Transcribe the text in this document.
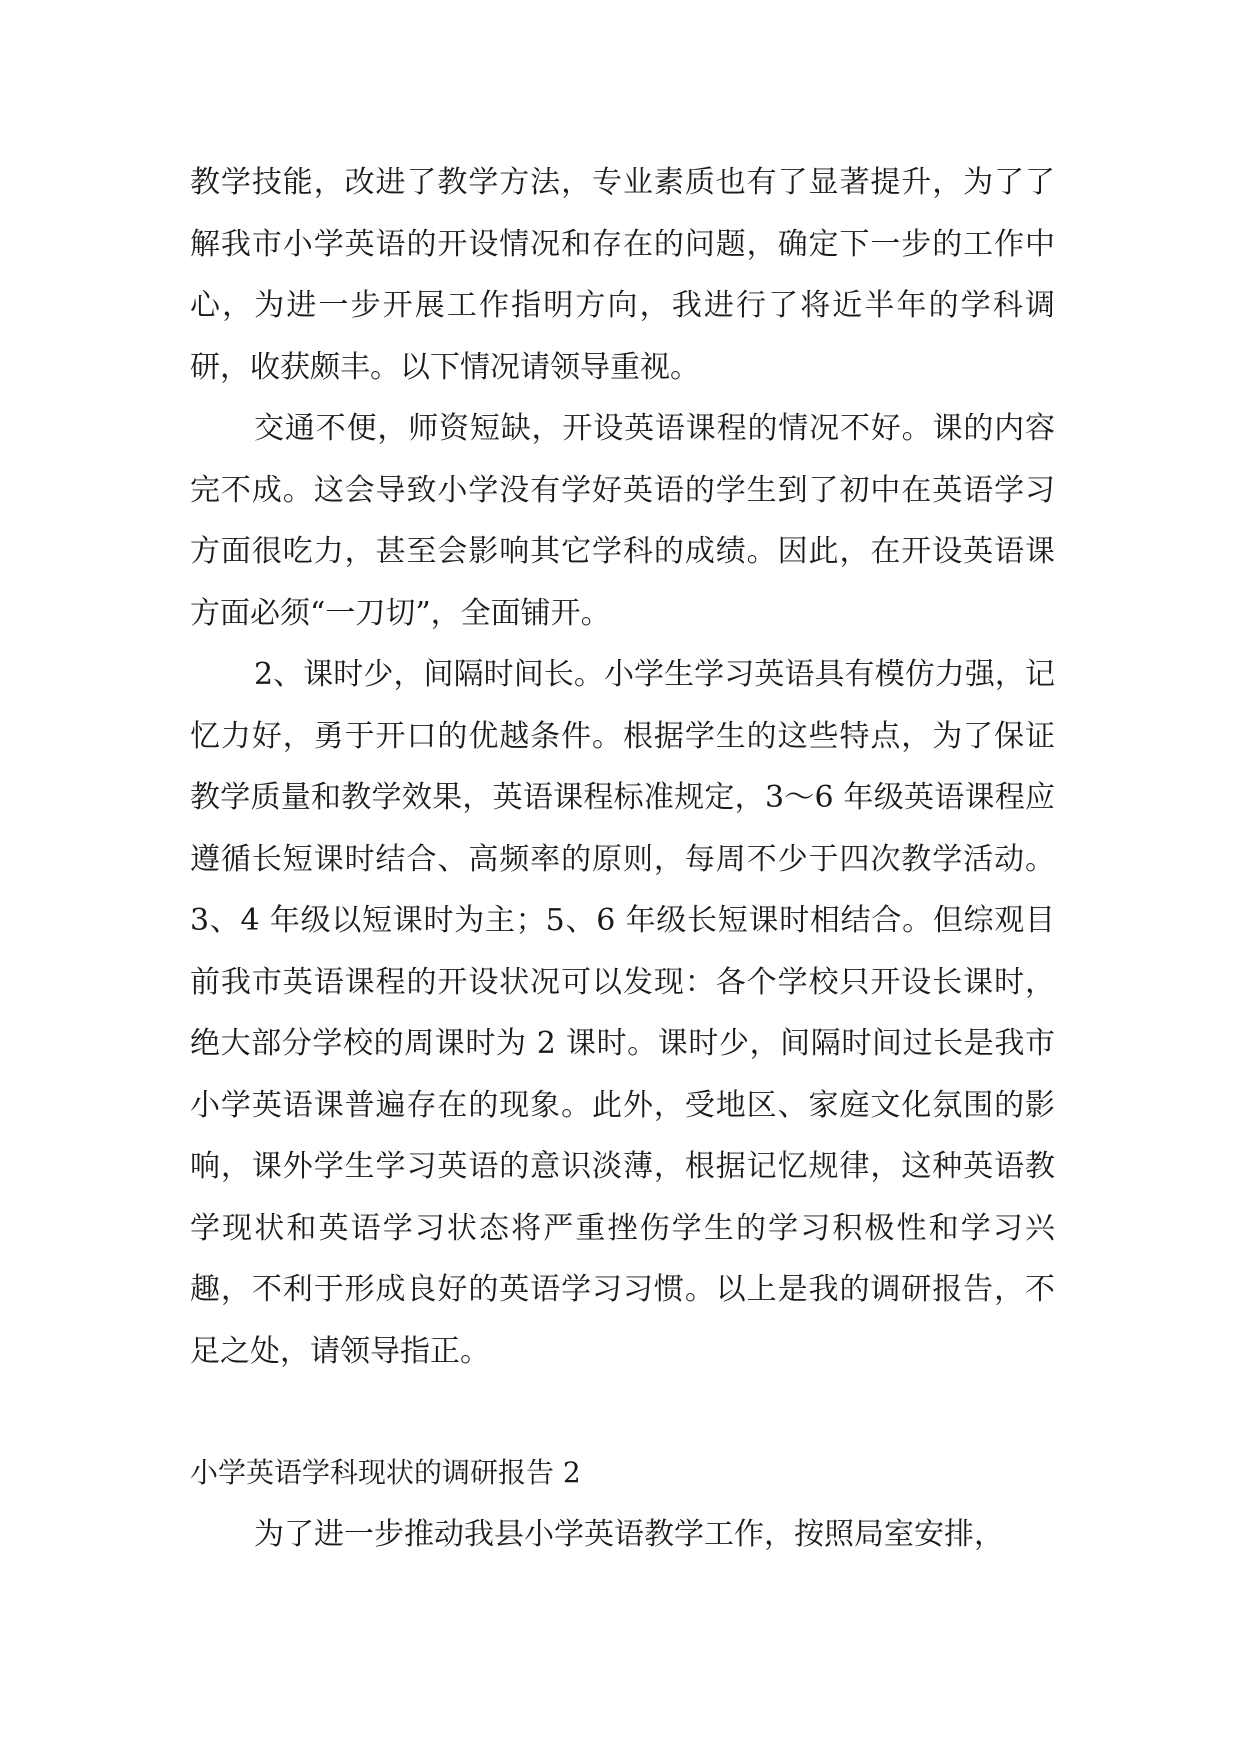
教学技能，改进了教学方法，专业素质也有了显著提升，为了了解我市小学英语的开设情况和存在的问题，确定下一步的工作中心，为进一步开展工作指明方向，我进行了将近半年的学科调研，收获颇丰。以下情况请领导重视。

交通不便，师资短缺，开设英语课程的情况不好。课的内容完不成。这会导致小学没有学好英语的学生到了初中在英语学习方面很吃力，甚至会影响其它学科的成绩。因此，在开设英语课方面必须“一刀切”，全面铺开。

2、课时少，间隔时间长。小学生学习英语具有模仿力强，记忆力好，勇于开口的优越条件。根据学生的这些特点，为了保证教学质量和教学效果，英语课程标准规定，3～6 年级英语课程应遵循长短课时结合、高频率的原则，每周不少于四次教学活动。3、4 年级以短课时为主；5、6 年级长短课时相结合。但综观目前我市英语课程的开设状况可以发现：各个学校只开设长课时，绝大部分学校的周课时为 2 课时。课时少，间隔时间过长是我市小学英语课普遍存在的现象。此外，受地区、家庭文化氛围的影响，课外学生学习英语的意识淡薄，根据记忆规律，这种英语教学现状和英语学习状态将严重挫伤学生的学习积极性和学习兴趣，不利于形成良好的英语学习习惯。以上是我的调研报告，不足之处，请领导指正。

小学英语学科现状的调研报告 2

为了进一步推动我县小学英语教学工作，按照局室安排，
